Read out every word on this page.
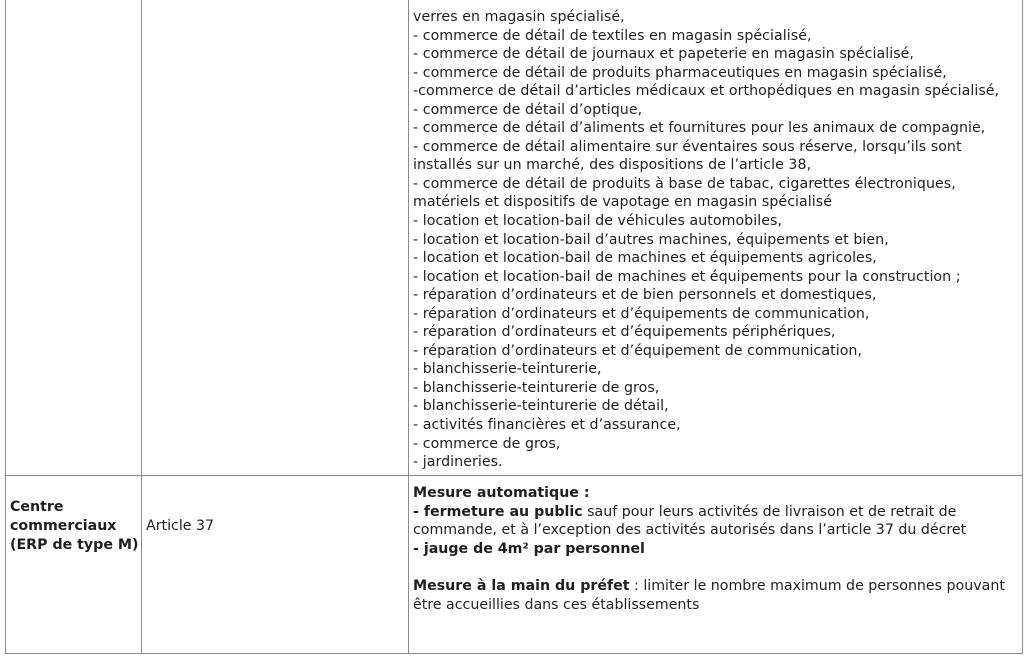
verres en magasin spécialisé,
- commerce de détail de textiles en magasin spécialisé,
- commerce de détail de journaux et papeterie en magasin spécialisé,
- commerce de détail de produits pharmaceutiques en magasin spécialisé,
-commerce de détail d’articles médicaux et orthopédiques en magasin spécialisé,
- commerce de détail d’optique,
- commerce de détail d’aliments et fournitures pour les animaux de compagnie,
- commerce de détail alimentaire sur éventaires sous réserve, lorsqu’ils sont
installés sur un marché, des dispositions de l’article 38,
- commerce de détail de produits à base de tabac, cigarettes électroniques,
matériels et dispositifs de vapotage en magasin spécialisé
- location et location-bail de véhicules automobiles,
- location et location-bail d’autres machines, équipements et bien,
- location et location-bail de machines et équipements agricoles,
- location et location-bail de machines et équipements pour la construction ;
- réparation d’ordinateurs et de bien personnels et domestiques,
- réparation d’ordinateurs et d’équipements de communication,
- réparation d’ordinateurs et d’équipements périphériques,
- réparation d’ordinateurs et d’équipement de communication,
- blanchisserie-teinturerie,
- blanchisserie-teinturerie de gros,
- blanchisserie-teinturerie de détail,
- activités financières et d’assurance,
- commerce de gros,
- jardineries.
Centre
commerciaux
(ERP de type M)
Article 37

Mesure automatique :

- fermeture au public sauf pour leurs activités de livraison et de retrait de

commande, et à l’exception des activités autorisés dans l’article 37 du décret

- jauge de 4m² par personnel

Mesure à la main du préfet : limiter le nombre maximum de personnes pouvant

être accueillies dans ces établissements
